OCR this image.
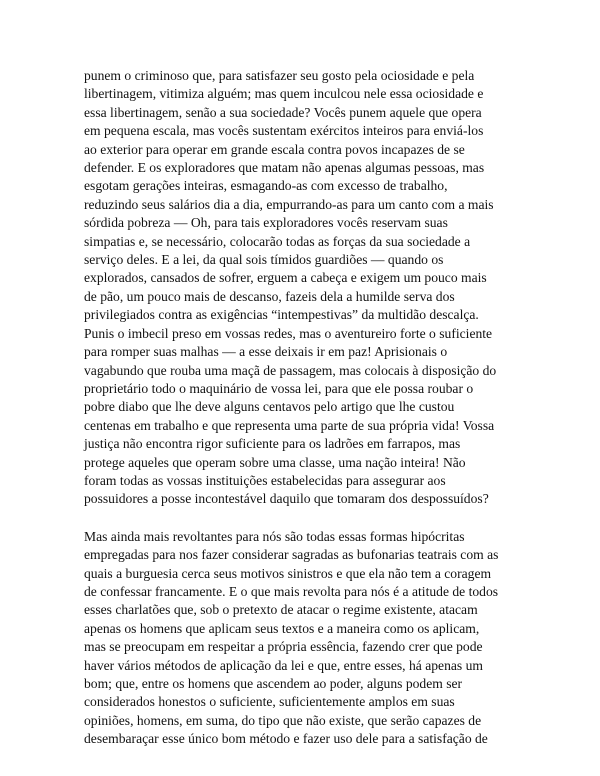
punem o criminoso que, para satisfazer seu gosto pela ociosidade e pela
libertinagem, vitimiza alguém; mas quem inculcou nele essa ociosidade e
essa libertinagem, senão a sua sociedade? Vocês punem aquele que opera
em pequena escala, mas vocês sustentam exércitos inteiros para enviá-los
ao exterior para operar em grande escala contra povos incapazes de se
defender. E os exploradores que matam não apenas algumas pessoas, mas
esgotam gerações inteiras, esmagando-as com excesso de trabalho,
reduzindo seus salários dia a dia, empurrando-as para um canto com a mais
sórdida pobreza — Oh, para tais exploradores vocês reservam suas
simpatias e, se necessário, colocarão todas as forças da sua sociedade a
serviço deles. E a lei, da qual sois tímidos guardiões — quando os
explorados, cansados de sofrer, erguem a cabeça e exigem um pouco mais
de pão, um pouco mais de descanso, fazeis dela a humilde serva dos
privilegiados contra as exigências “intempestivas” da multidão descalça.
Punis o imbecil preso em vossas redes, mas o aventureiro forte o suficiente
para romper suas malhas — a esse deixais ir em paz! Aprisionais o
vagabundo que rouba uma maçã de passagem, mas colocais à disposição do
proprietário todo o maquinário de vossa lei, para que ele possa roubar o
pobre diabo que lhe deve alguns centavos pelo artigo que lhe custou
centenas em trabalho e que representa uma parte de sua própria vida! Vossa
justiça não encontra rigor suficiente para os ladrões em farrapos, mas
protege aqueles que operam sobre uma classe, uma nação inteira! Não
foram todas as vossas instituições estabelecidas para assegurar aos
possuidores a posse incontestável daquilo que tomaram dos despossuídos?

Mas ainda mais revoltantes para nós são todas essas formas hipócritas
empregadas para nos fazer considerar sagradas as bufonarias teatrais com as
quais a burguesia cerca seus motivos sinistros e que ela não tem a coragem
de confessar francamente. E o que mais revolta para nós é a atitude de todos
esses charlatões que, sob o pretexto de atacar o regime existente, atacam
apenas os homens que aplicam seus textos e a maneira como os aplicam,
mas se preocupam em respeitar a própria essência, fazendo crer que pode
haver vários métodos de aplicação da lei e que, entre esses, há apenas um
bom; que, entre os homens que ascendem ao poder, alguns podem ser
considerados honestos o suficiente, suficientemente amplos em suas
opiniões, homens, em suma, do tipo que não existe, que serão capazes de
desembaraçar esse único bom método e fazer uso dele para a satisfação de
